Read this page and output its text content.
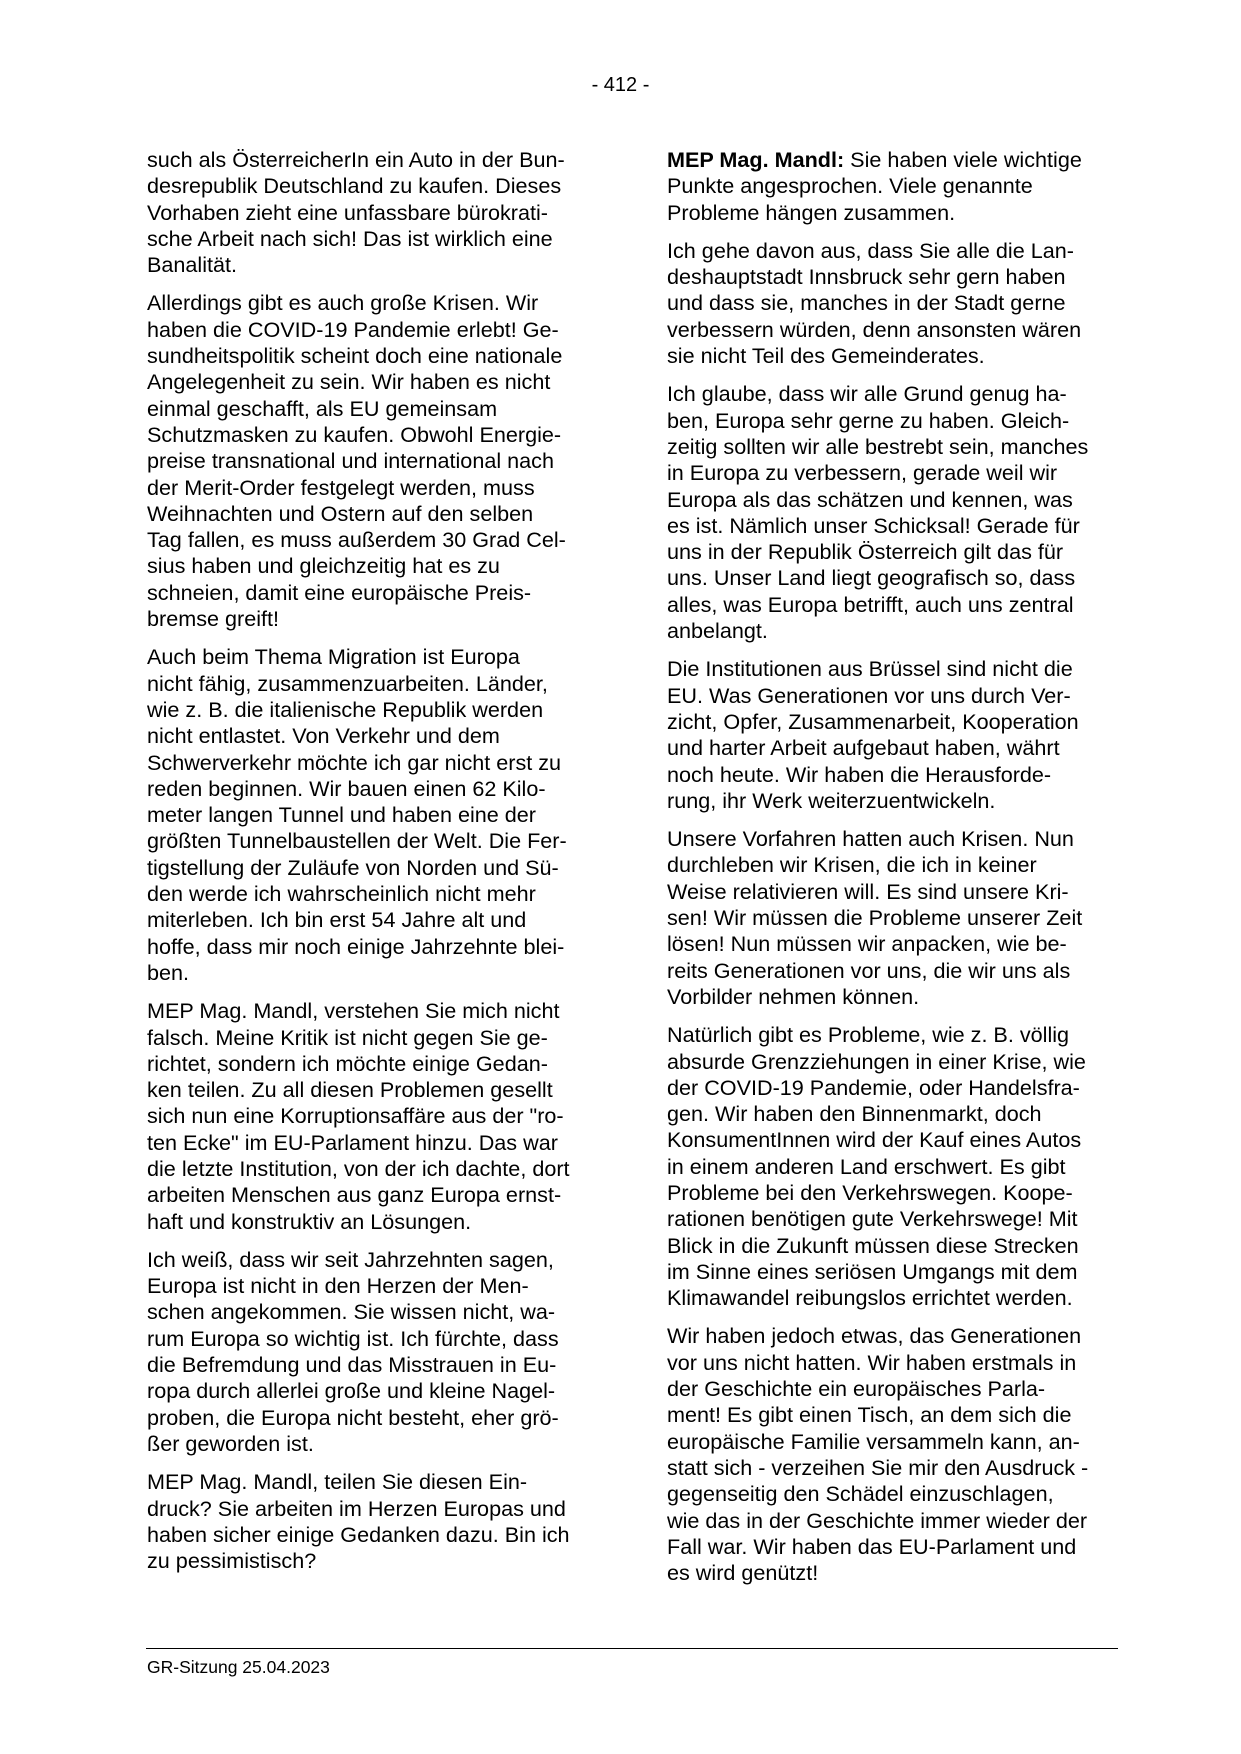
- 412 -

such als ÖsterreicherIn ein Auto in der Bun-
desrepublik Deutschland zu kaufen. Dieses
Vorhaben zieht eine unfassbare bürokrati-
sche Arbeit nach sich! Das ist wirklich eine
Banalität.

Allerdings gibt es auch große Krisen. Wir
haben die COVID-19 Pandemie erlebt! Ge-
sundheitspolitik scheint doch eine nationale
Angelegenheit zu sein. Wir haben es nicht
einmal geschafft, als EU gemeinsam
Schutzmasken zu kaufen. Obwohl Energie-
preise transnational und international nach
der Merit-Order festgelegt werden, muss
Weihnachten und Ostern auf den selben
Tag fallen, es muss außerdem 30 Grad Cel-
sius haben und gleichzeitig hat es zu
schneien, damit eine europäische Preis-
bremse greift!

Auch beim Thema Migration ist Europa
nicht fähig, zusammenzuarbeiten. Länder,
wie z. B. die italienische Republik werden
nicht entlastet. Von Verkehr und dem
Schwerverkehr möchte ich gar nicht erst zu
reden beginnen. Wir bauen einen 62 Kilo-
meter langen Tunnel und haben eine der
größten Tunnelbaustellen der Welt. Die Fer-
tigstellung der Zuläufe von Norden und Sü-
den werde ich wahrscheinlich nicht mehr
miterleben. Ich bin erst 54 Jahre alt und
hoffe, dass mir noch einige Jahrzehnte blei-
ben.

MEP Mag. Mandl, verstehen Sie mich nicht
falsch. Meine Kritik ist nicht gegen Sie ge-
richtet, sondern ich möchte einige Gedan-
ken teilen. Zu all diesen Problemen gesellt
sich nun eine Korruptionsaffäre aus der "ro-
ten Ecke" im EU-Parlament hinzu. Das war
die letzte Institution, von der ich dachte, dort
arbeiten Menschen aus ganz Europa ernst-
haft und konstruktiv an Lösungen.

Ich weiß, dass wir seit Jahrzehnten sagen,
Europa ist nicht in den Herzen der Men-
schen angekommen. Sie wissen nicht, wa-
rum Europa so wichtig ist. Ich fürchte, dass
die Befremdung und das Misstrauen in Eu-
ropa durch allerlei große und kleine Nagel-
proben, die Europa nicht besteht, eher grö-
ßer geworden ist.

MEP Mag. Mandl, teilen Sie diesen Ein-
druck? Sie arbeiten im Herzen Europas und
haben sicher einige Gedanken dazu. Bin ich
zu pessimistisch?

MEP Mag. Mandl: Sie haben viele wichtige
Punkte angesprochen. Viele genannte
Probleme hängen zusammen.

Ich gehe davon aus, dass Sie alle die Lan-
deshauptstadt Innsbruck sehr gern haben
und dass sie, manches in der Stadt gerne
verbessern würden, denn ansonsten wären
sie nicht Teil des Gemeinderates.

Ich glaube, dass wir alle Grund genug ha-
ben, Europa sehr gerne zu haben. Gleich-
zeitig sollten wir alle bestrebt sein, manches
in Europa zu verbessern, gerade weil wir
Europa als das schätzen und kennen, was
es ist. Nämlich unser Schicksal! Gerade für
uns in der Republik Österreich gilt das für
uns. Unser Land liegt geografisch so, dass
alles, was Europa betrifft, auch uns zentral
anbelangt.

Die Institutionen aus Brüssel sind nicht die
EU. Was Generationen vor uns durch Ver-
zicht, Opfer, Zusammenarbeit, Kooperation
und harter Arbeit aufgebaut haben, währt
noch heute. Wir haben die Herausforde-
rung, ihr Werk weiterzuentwickeln.

Unsere Vorfahren hatten auch Krisen. Nun
durchleben wir Krisen, die ich in keiner
Weise relativieren will. Es sind unsere Kri-
sen! Wir müssen die Probleme unserer Zeit
lösen! Nun müssen wir anpacken, wie be-
reits Generationen vor uns, die wir uns als
Vorbilder nehmen können.

Natürlich gibt es Probleme, wie z. B. völlig
absurde Grenzziehungen in einer Krise, wie
der COVID-19 Pandemie, oder Handelsfra-
gen. Wir haben den Binnenmarkt, doch
KonsumentInnen wird der Kauf eines Autos
in einem anderen Land erschwert. Es gibt
Probleme bei den Verkehrswegen. Koope-
rationen benötigen gute Verkehrswege! Mit
Blick in die Zukunft müssen diese Strecken
im Sinne eines seriösen Umgangs mit dem
Klimawandel reibungslos errichtet werden.

Wir haben jedoch etwas, das Generationen
vor uns nicht hatten. Wir haben erstmals in
der Geschichte ein europäisches Parla-
ment! Es gibt einen Tisch, an dem sich die
europäische Familie versammeln kann, an-
statt sich - verzeihen Sie mir den Ausdruck -
gegenseitig den Schädel einzuschlagen,
wie das in der Geschichte immer wieder der
Fall war. Wir haben das EU-Parlament und
es wird genützt!

GR-Sitzung 25.04.2023
